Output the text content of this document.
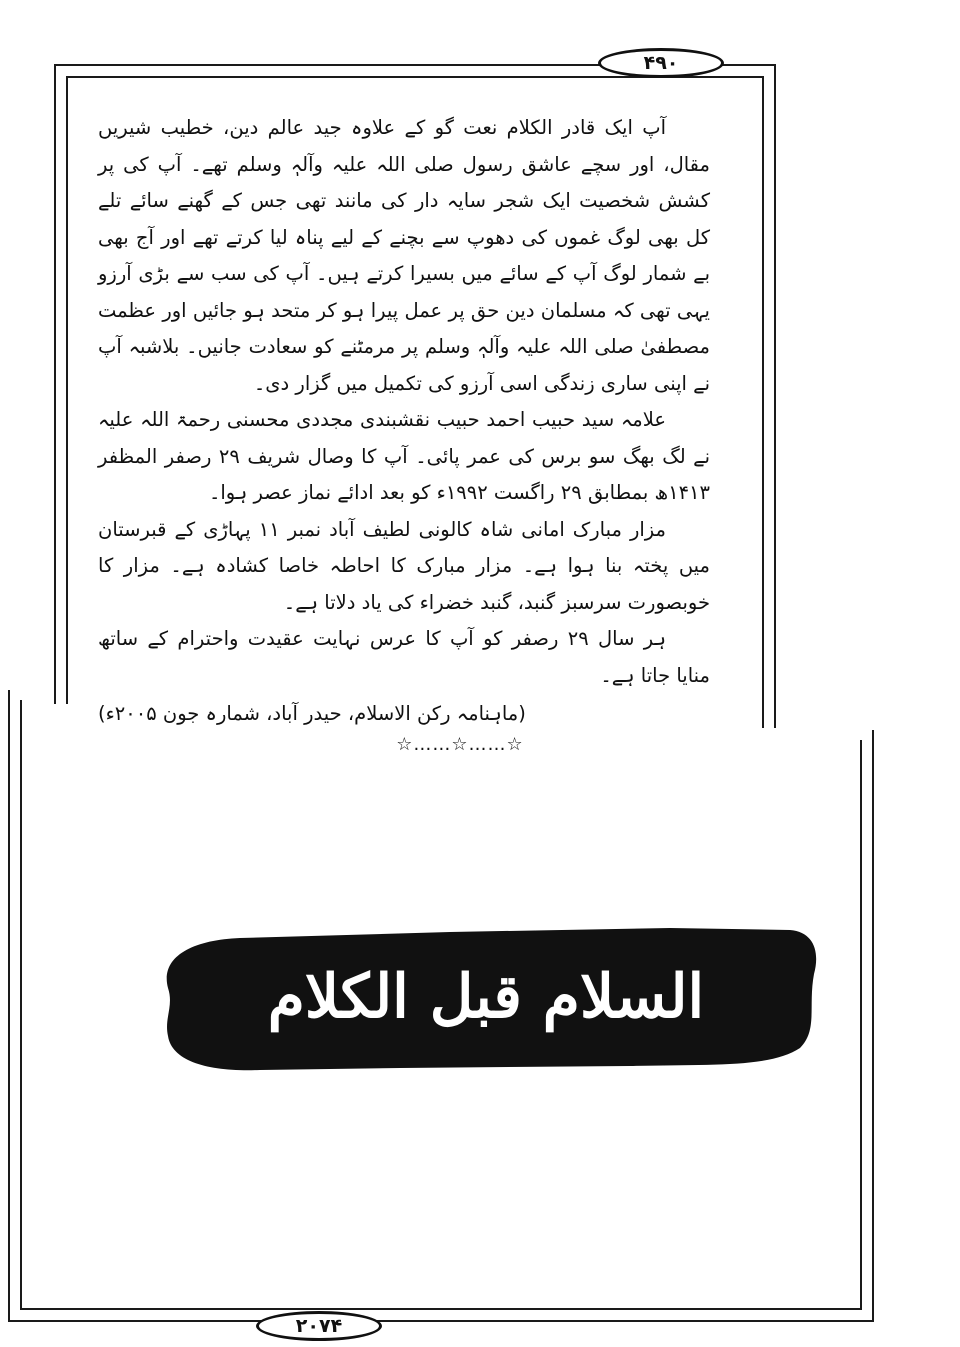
۴۹۰

آپ ایک قادر الکلام نعت گو کے علاوہ جید عالم دین، خطیب شیریں مقال، اور سچے عاشق رسول صلی اللہ علیہ وآلہٖ وسلم تھے۔ آپ کی پر کشش شخصیت ایک شجر سایہ دار کی مانند تھی جس کے گھنے سائے تلے کل بھی لوگ غموں کی دھوپ سے بچنے کے لیے پناہ لیا کرتے تھے اور آج بھی بے شمار لوگ آپ کے سائے میں بسیرا کرتے ہیں۔ آپ کی سب سے بڑی آرزو یہی تھی کہ مسلمان دین حق پر عمل پیرا ہو کر متحد ہو جائیں اور عظمت مصطفیٰ صلی اللہ علیہ وآلہٖ وسلم پر مرمٹنے کو سعادت جانیں۔ بلاشبہ آپ نے اپنی ساری زندگی اسی آرزو کی تکمیل میں گزار دی۔

علامہ سید حبیب احمد حبیب نقشبندی مجددی محسنی رحمۃ اللہ علیہ نے لگ بھگ سو برس کی عمر پائی۔ آپ کا وصال شریف ۲۹ رصفر المظفر ۱۴۱۳ھ بمطابق ۲۹ راگست ۱۹۹۲ء کو بعد ادائے نماز عصر ہوا۔

مزار مبارک امانی شاہ کالونی لطیف آباد نمبر ۱۱ پہاڑی کے قبرستان میں پختہ بنا ہوا ہے۔ مزار مبارک کا احاطہ خاصا کشادہ ہے۔ مزار کا خوبصورت سرسبز گنبد، گنبد خضراء کی یاد دلاتا ہے۔

ہر سال ۲۹ رصفر کو آپ کا عرس نہایت عقیدت واحترام کے ساتھ منایا جاتا ہے۔

(ماہنامہ رکن الاسلام، حیدر آباد، شمارہ جون ۲۰۰۵ء)

☆……☆……☆
السلام قبل الکلام
۲۰۷۴
